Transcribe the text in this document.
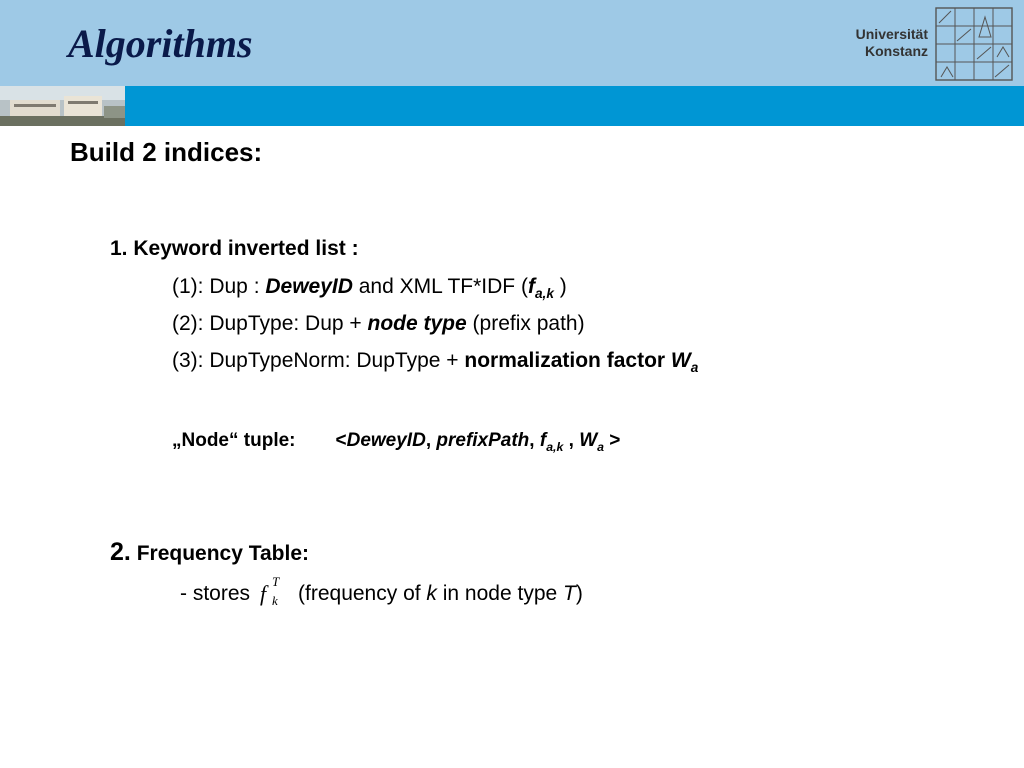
Algorithms	Universität
Konstanz
Build 2 indices:
1. Keyword inverted list :
(1): Dup : DeweyID and XML TF*IDF ($f_{a,k}$ )
(2): DupType: Dup + node type (prefix path)
(3): DupTypeNorm: DupType + normalization factor $W_a$
„Node“ tuple: <DeweyID, prefixPath, $f_{a,k}$ , $W_a$ >
2. Frequency Table:
- stores f T
k (frequency of k in node type T)
